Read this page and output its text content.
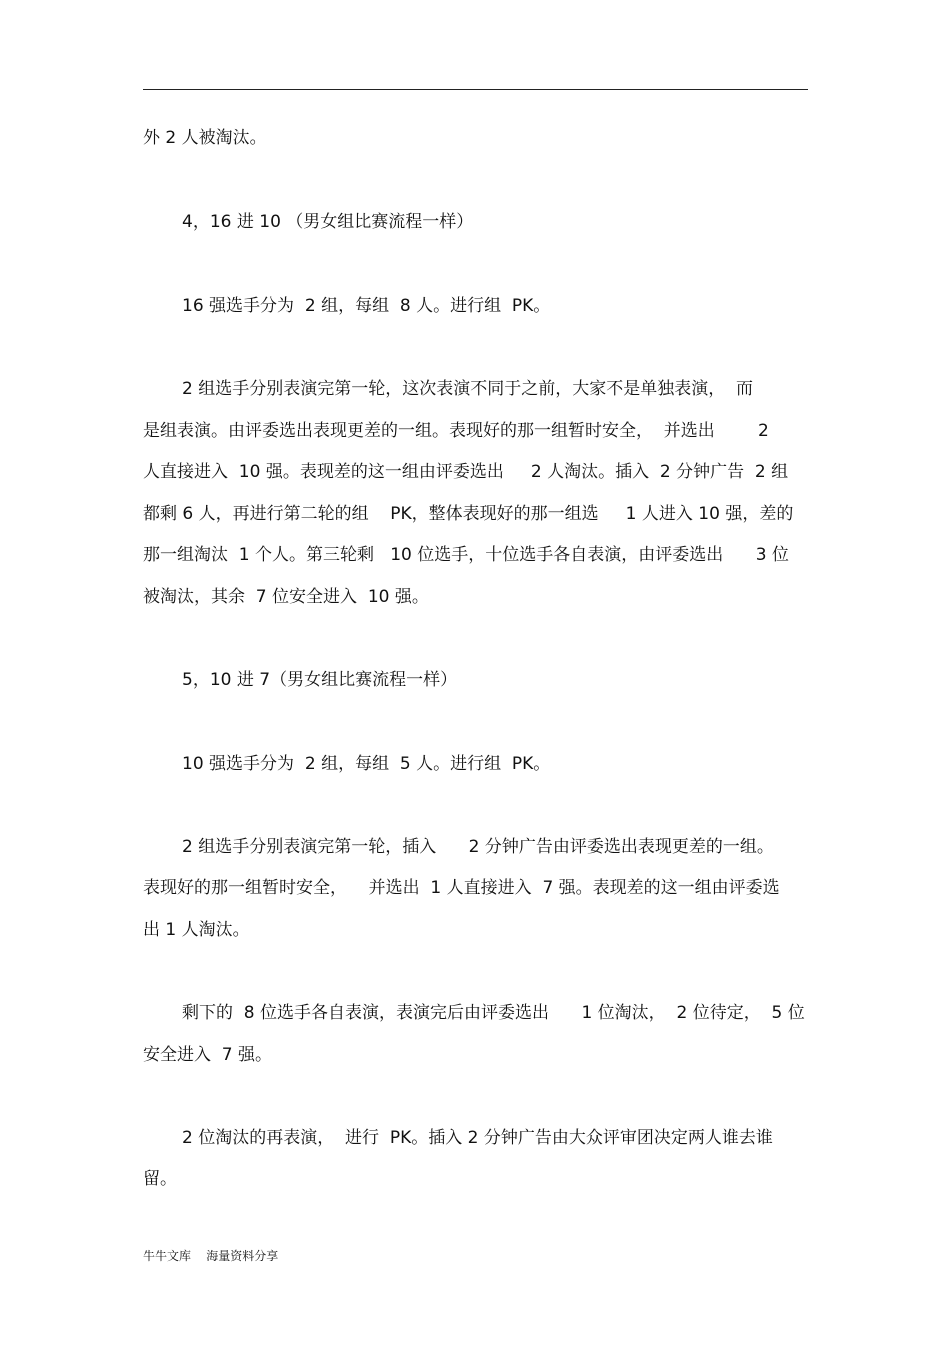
外 2 人被淘汰。

4，16 进 10 （男女组比赛流程一样）

16 强选手分为  2 组，每组  8 人。进行组  PK。

2 组选手分别表演完第一轮，这次表演不同于之前，大家不是单独表演，  而

是组表演。由评委选出表现更差的一组。表现好的那一组暂时安全，  并选出        2

人直接进入  10 强。表现差的这一组由评委选出     2 人淘汰。插入  2 分钟广告  2 组

都剩 6 人，再进行第二轮的组    PK，整体表现好的那一组选     1 人进入 10 强，差的

那一组淘汰  1 个人。第三轮剩   10 位选手，十位选手各自表演，由评委选出      3 位

被淘汰，其余  7 位安全进入  10 强。

5，10 进 7（男女组比赛流程一样）

10 强选手分为  2 组，每组  5 人。进行组  PK。

2 组选手分别表演完第一轮，插入      2 分钟广告由评委选出表现更差的一组。

表现好的那一组暂时安全，    并选出  1 人直接进入  7 强。表现差的这一组由评委选

出 1 人淘汰。

剩下的  8 位选手各自表演，表演完后由评委选出      1 位淘汰，  2 位待定，  5 位

安全进入  7 强。

2 位淘汰的再表演，  进行  PK。插入 2 分钟广告由大众评审团决定两人谁去谁

留。

牛牛文库    海量资料分享
